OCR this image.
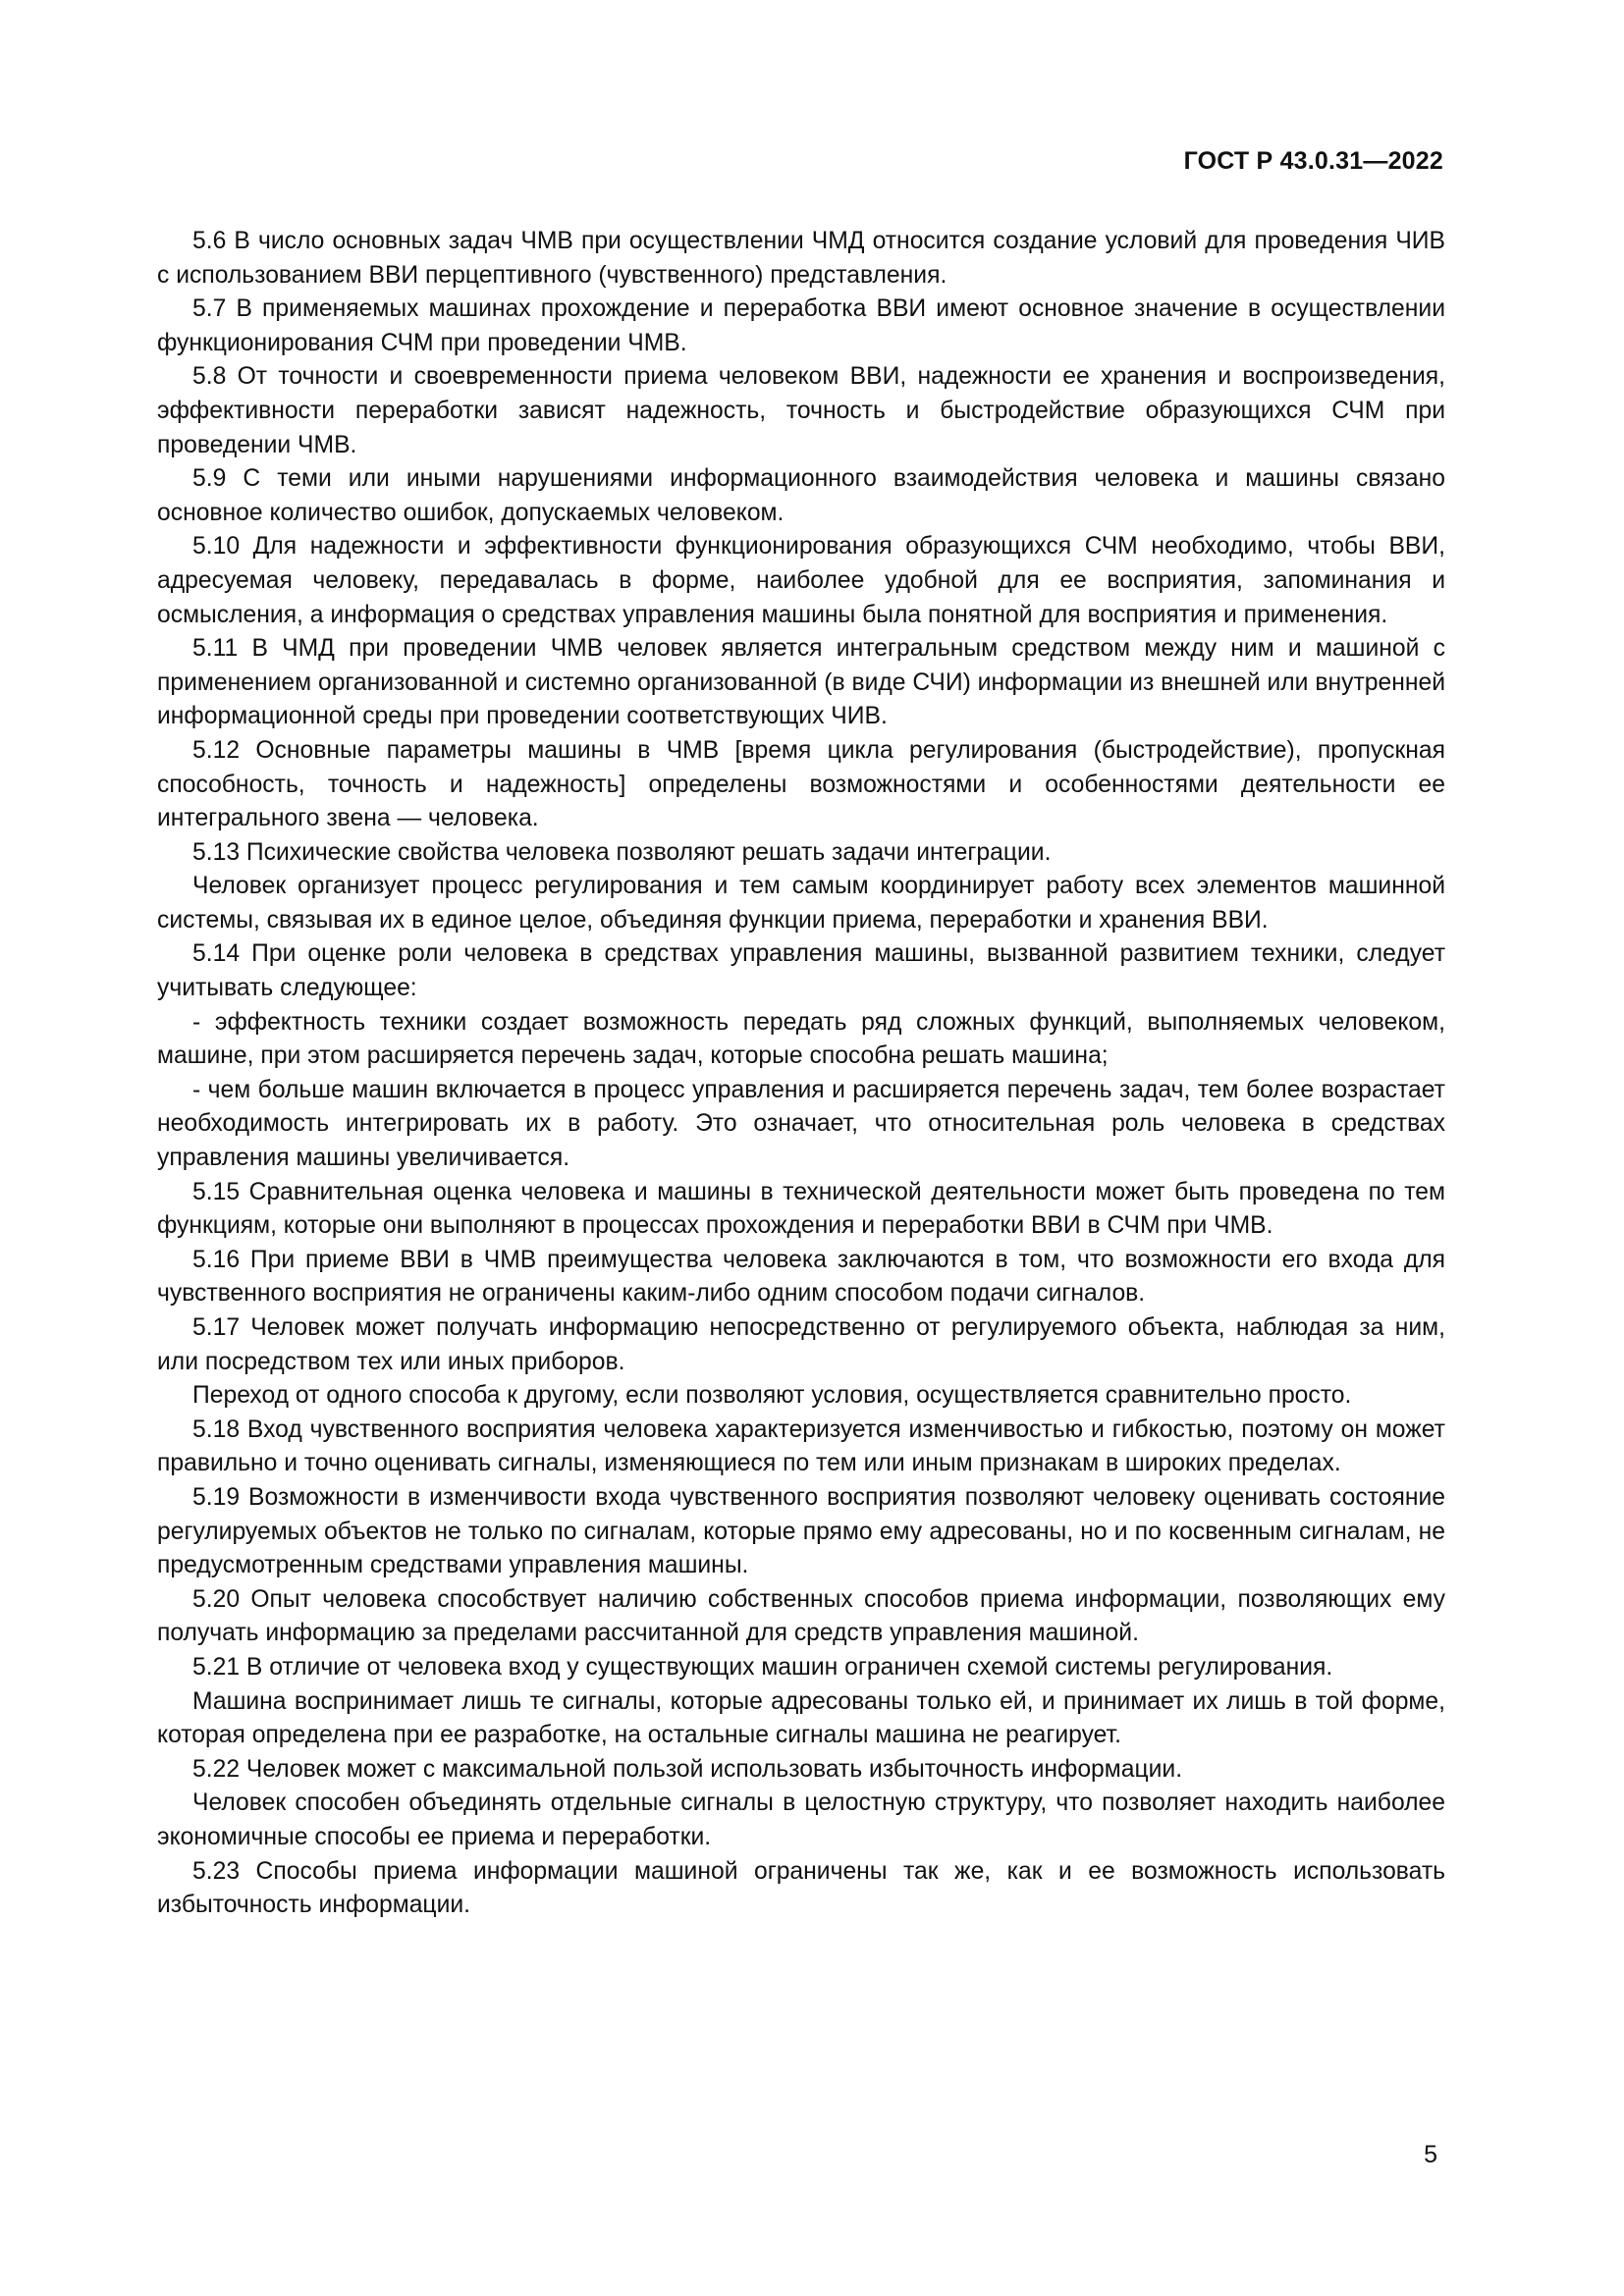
ГОСТ Р 43.0.31—2022

5.6 В число основных задач ЧМВ при осуществлении ЧМД относится создание условий для проведения ЧИВ с использованием ВВИ перцептивного (чувственного) представления.

5.7 В применяемых машинах прохождение и переработка ВВИ имеют основное значение в осуществлении функционирования СЧМ при проведении ЧМВ.

5.8 От точности и своевременности приема человеком ВВИ, надежности ее хранения и воспроизведения, эффективности переработки зависят надежность, точность и быстродействие образующихся СЧМ при проведении ЧМВ.

5.9 С теми или иными нарушениями информационного взаимодействия человека и машины связано основное количество ошибок, допускаемых человеком.

5.10 Для надежности и эффективности функционирования образующихся СЧМ необходимо, чтобы ВВИ, адресуемая человеку, передавалась в форме, наиболее удобной для ее восприятия, запоминания и осмысления, а информация о средствах управления машины была понятной для восприятия и применения.

5.11 В ЧМД при проведении ЧМВ человек является интегральным средством между ним и машиной с применением организованной и системно организованной (в виде СЧИ) информации из внешней или внутренней информационной среды при проведении соответствующих ЧИВ.

5.12 Основные параметры машины в ЧМВ [время цикла регулирования (быстродействие), пропускная способность, точность и надежность] определены возможностями и особенностями деятельности ее интегрального звена — человека.

5.13 Психические свойства человека позволяют решать задачи интеграции.

Человек организует процесс регулирования и тем самым координирует работу всех элементов машинной системы, связывая их в единое целое, объединяя функции приема, переработки и хранения ВВИ.

5.14 При оценке роли человека в средствах управления машины, вызванной развитием техники, следует учитывать следующее:

- эффектность техники создает возможность передать ряд сложных функций, выполняемых человеком, машине, при этом расширяется перечень задач, которые способна решать машина;

- чем больше машин включается в процесс управления и расширяется перечень задач, тем более возрастает необходимость интегрировать их в работу. Это означает, что относительная роль человека в средствах управления машины увеличивается.

5.15 Сравнительная оценка человека и машины в технической деятельности может быть проведена по тем функциям, которые они выполняют в процессах прохождения и переработки ВВИ в СЧМ при ЧМВ.

5.16 При приеме ВВИ в ЧМВ преимущества человека заключаются в том, что возможности его входа для чувственного восприятия не ограничены каким-либо одним способом подачи сигналов.

5.17 Человек может получать информацию непосредственно от регулируемого объекта, наблюдая за ним, или посредством тех или иных приборов.

Переход от одного способа к другому, если позволяют условия, осуществляется сравнительно просто.

5.18 Вход чувственного восприятия человека характеризуется изменчивостью и гибкостью, поэтому он может правильно и точно оценивать сигналы, изменяющиеся по тем или иным признакам в широких пределах.

5.19 Возможности в изменчивости входа чувственного восприятия позволяют человеку оценивать состояние регулируемых объектов не только по сигналам, которые прямо ему адресованы, но и по косвенным сигналам, не предусмотренным средствами управления машины.

5.20 Опыт человека способствует наличию собственных способов приема информации, позволяющих ему получать информацию за пределами рассчитанной для средств управления машиной.

5.21 В отличие от человека вход у существующих машин ограничен схемой системы регулирования.

Машина воспринимает лишь те сигналы, которые адресованы только ей, и принимает их лишь в той форме, которая определена при ее разработке, на остальные сигналы машина не реагирует.

5.22 Человек может с максимальной пользой использовать избыточность информации.

Человек способен объединять отдельные сигналы в целостную структуру, что позволяет находить наиболее экономичные способы ее приема и переработки.

5.23 Способы приема информации машиной ограничены так же, как и ее возможность использовать избыточность информации.

5
